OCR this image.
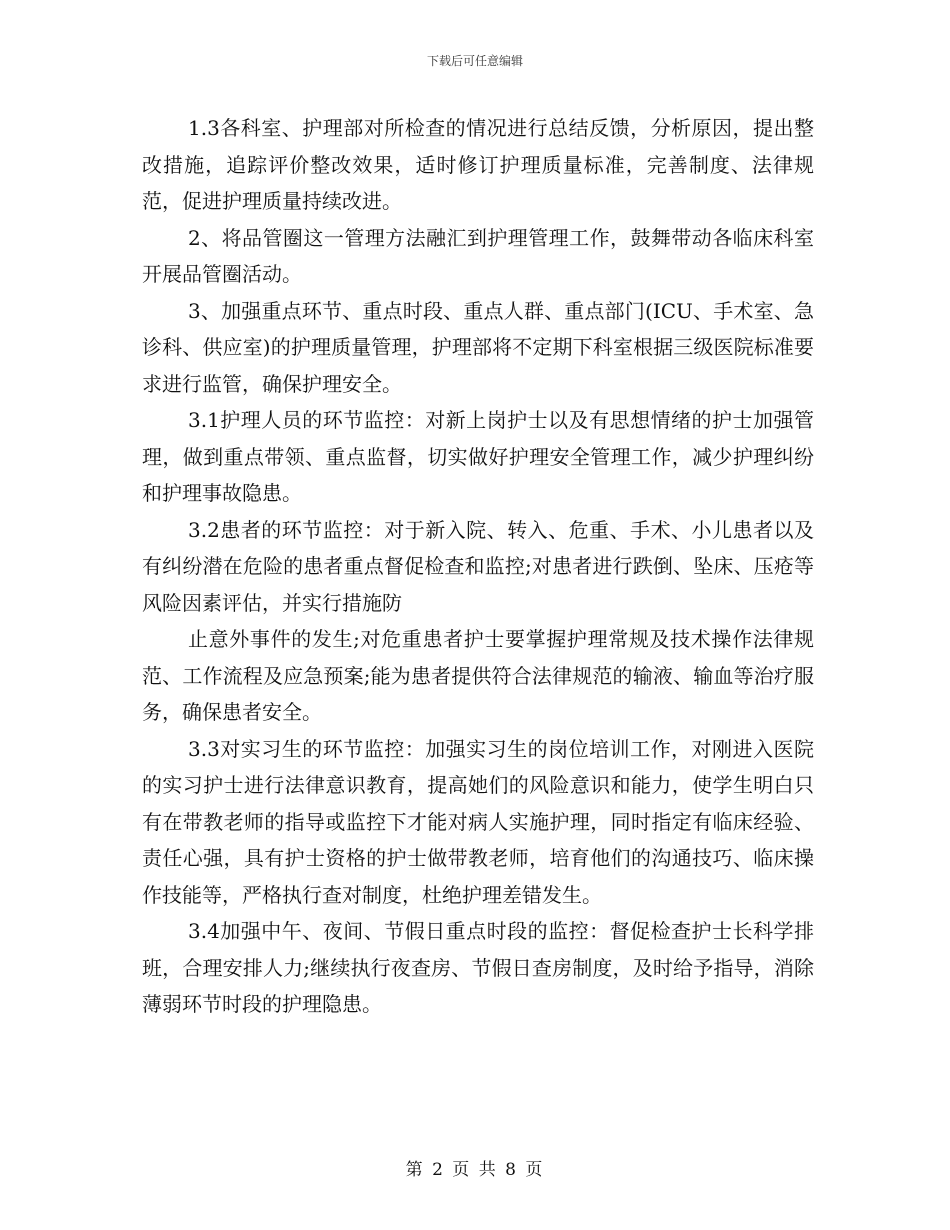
下载后可任意编辑

1.3各科室、护理部对所检查的情况进行总结反馈，分析原因，提出整改措施，追踪评价整改效果，适时修订护理质量标准，完善制度、法律规范，促进护理质量持续改进。

2、将品管圈这一管理方法融汇到护理管理工作，鼓舞带动各临床科室开展品管圈活动。

3、加强重点环节、重点时段、重点人群、重点部门(ICU、手术室、急诊科、供应室)的护理质量管理，护理部将不定期下科室根据三级医院标准要求进行监管，确保护理安全。

3.1护理人员的环节监控：对新上岗护士以及有思想情绪的护士加强管理，做到重点带领、重点监督，切实做好护理安全管理工作，减少护理纠纷和护理事故隐患。

3.2患者的环节监控：对于新入院、转入、危重、手术、小儿患者以及有纠纷潜在危险的患者重点督促检查和监控;对患者进行跌倒、坠床、压疮等风险因素评估，并实行措施防

止意外事件的发生;对危重患者护士要掌握护理常规及技术操作法律规范、工作流程及应急预案;能为患者提供符合法律规范的输液、输血等治疗服务，确保患者安全。

3.3对实习生的环节监控：加强实习生的岗位培训工作，对刚进入医院的实习护士进行法律意识教育，提高她们的风险意识和能力，使学生明白只有在带教老师的指导或监控下才能对病人实施护理，同时指定有临床经验、责任心强，具有护士资格的护士做带教老师，培育他们的沟通技巧、临床操作技能等，严格执行查对制度，杜绝护理差错发生。

3.4加强中午、夜间、节假日重点时段的监控：督促检查护士长科学排班，合理安排人力;继续执行夜查房、节假日查房制度，及时给予指导，消除薄弱环节时段的护理隐患。

第 2 页 共 8 页
